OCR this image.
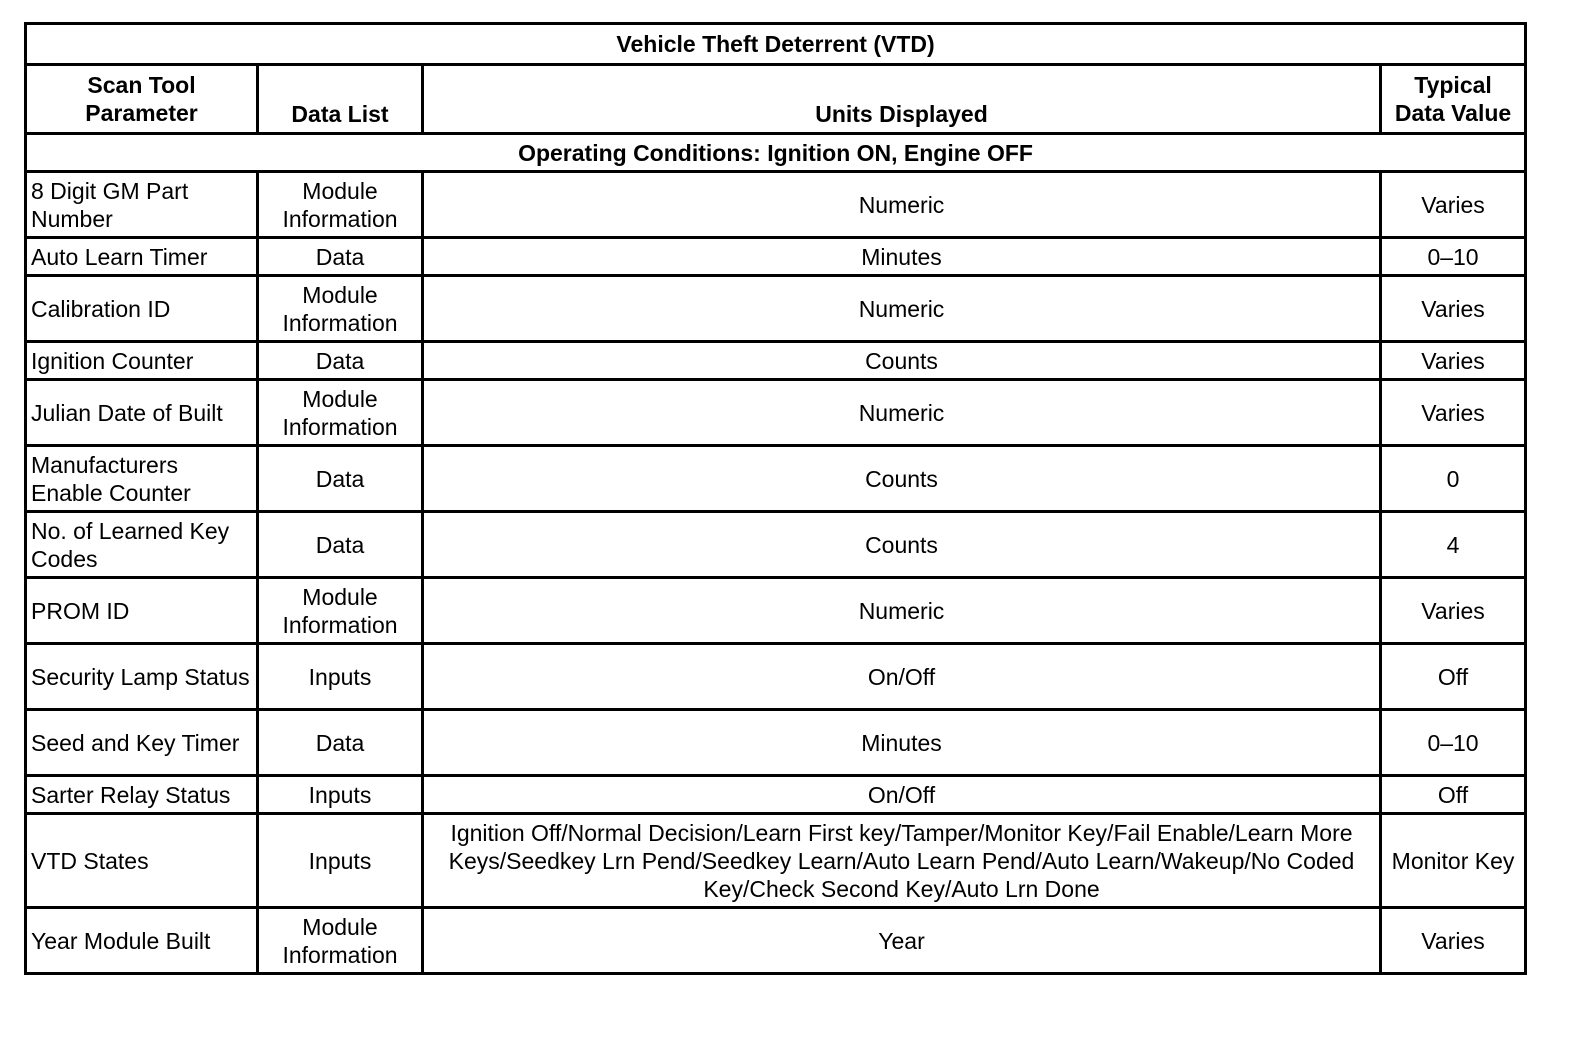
Vehicle Theft Deterrent (VTD)			
Scan Tool Parameter	Data List	Units Displayed	Typical Data Value
Operating Conditions: Ignition ON, Engine OFF			
8 Digit GM Part Number	Module Information	Numeric	Varies
Auto Learn Timer	Data	Minutes	0–10
Calibration ID	Module Information	Numeric	Varies
Ignition Counter	Data	Counts	Varies
Julian Date of Built	Module Information	Numeric	Varies
Manufacturers Enable Counter	Data	Counts	0
No. of Learned Key Codes	Data	Counts	4
PROM ID	Module Information	Numeric	Varies
Security Lamp Status	Inputs	On/Off	Off
Seed and Key Timer	Data	Minutes	0–10
Sarter Relay Status	Inputs	On/Off	Off
VTD States	Inputs	Ignition Off/Normal Decision/Learn First key/Tamper/Monitor Key/Fail Enable/Learn More Keys/Seedkey Lrn Pend/Seedkey Learn/Auto Learn Pend/Auto Learn/Wakeup/No Coded Key/Check Second Key/Auto Lrn Done	Monitor Key
Year Module Built	Module Information	Year	Varies
